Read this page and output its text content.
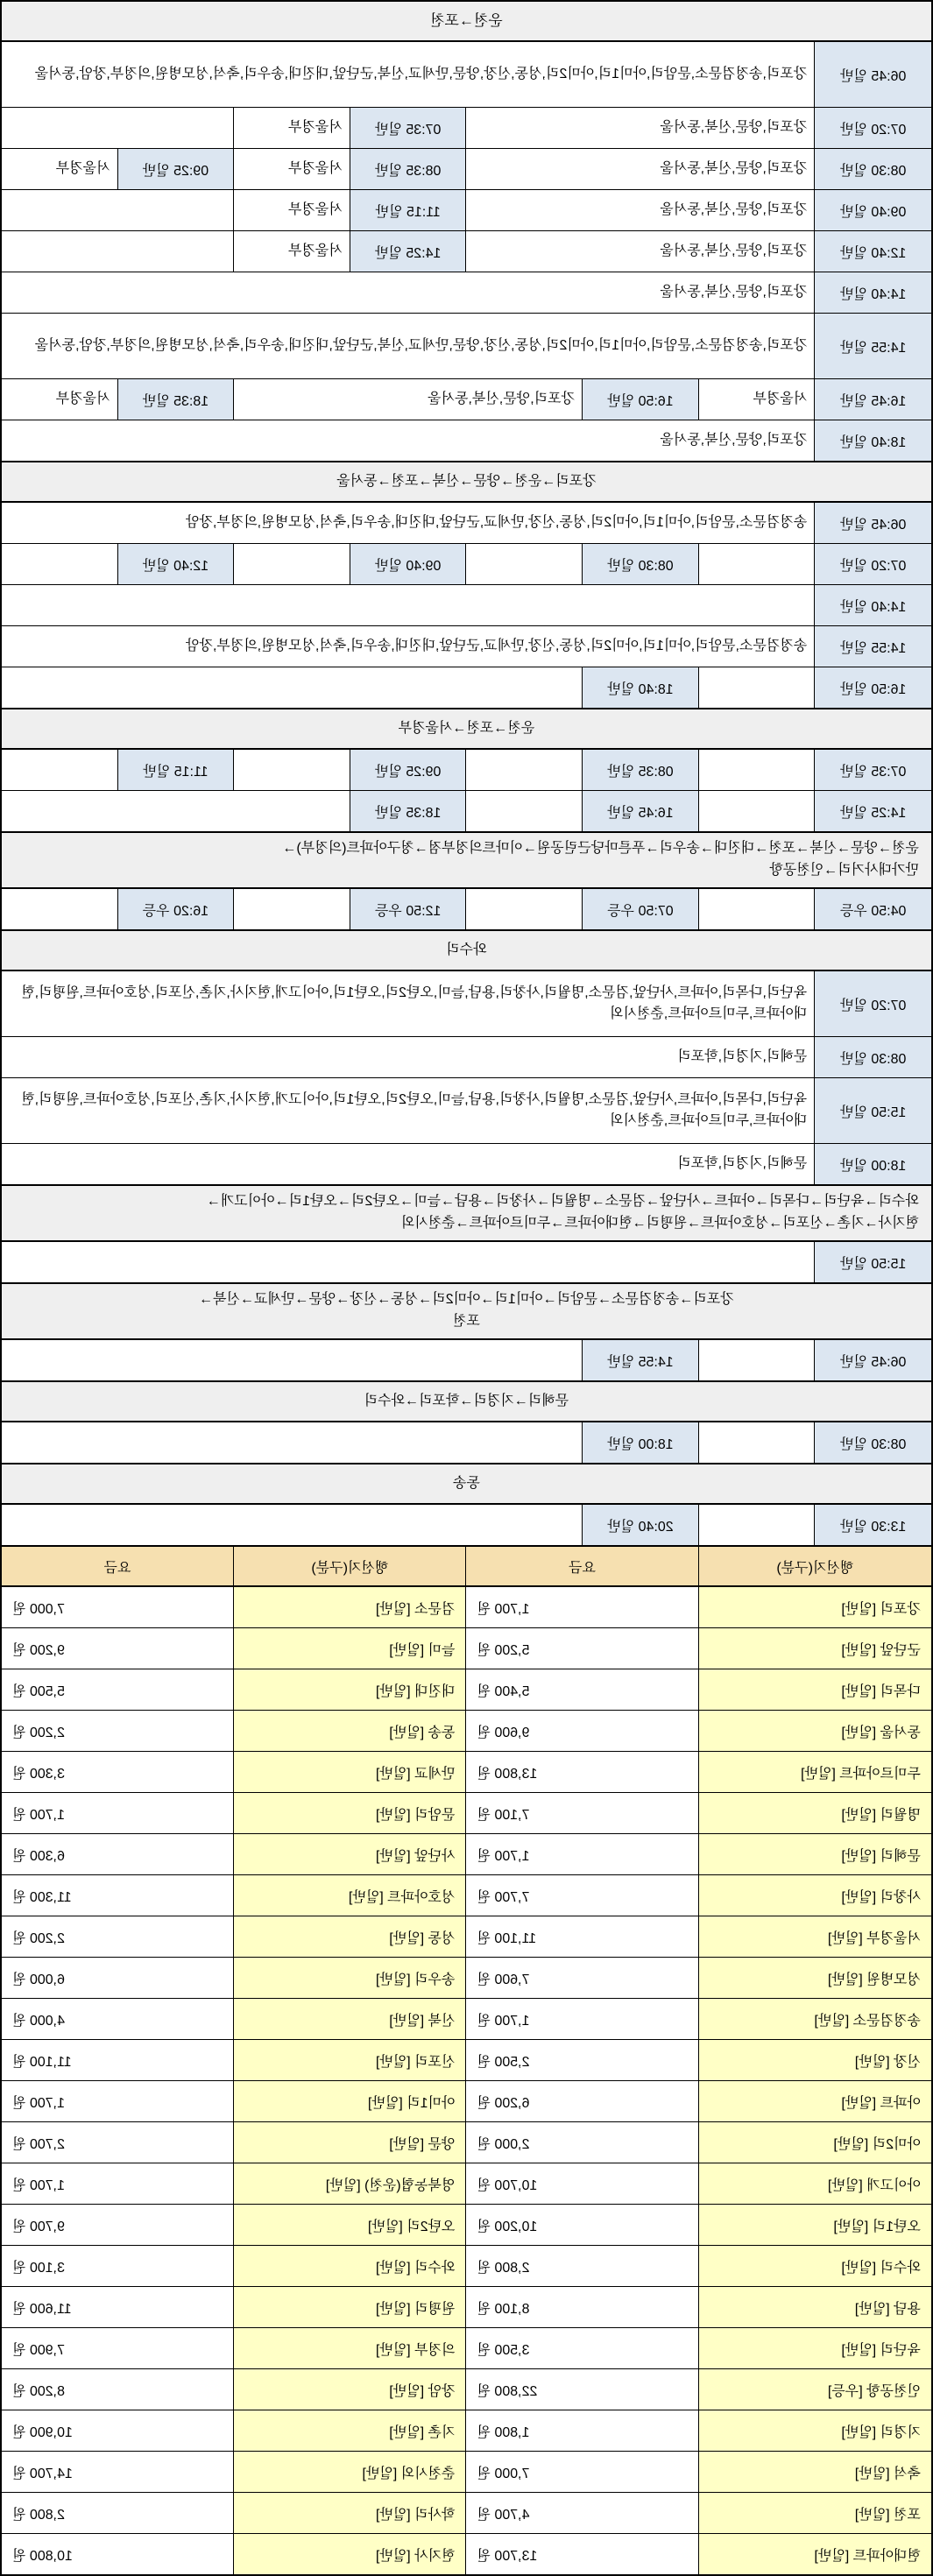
운천→포천
06:45 일반
강포리,송정검문소,문암리,아미1리,아미2리,성동,신장,양문,만세교,신북,군단앞,대진대,송우리,축석,성모병원,의정부,장암,동서울
07:20 일반
강포리,양문,신북,동서울
07:35 일반
서울경부
08:30 일반
강포리,양문,신북,동서울
08:35 일반
서울경부
09:25 일반
서울경부
09:40 일반
강포리,양문,신북,동서울
11:15 일반
서울경부
12:40 일반
강포리,양문,신북,동서울
14:25 일반
서울경부
14:40 일반
강포리,양문,신북,동서울
14:55 일반
강포리,송정검문소,문암리,아미1리,아미2리,성동,신장,양문,만세교,신북,군단앞,대진대,송우리,축석,성모병원,의정부,장암,동서울
16:45 일반
서울경부
16:50 일반
강포리,양문,신북,동서울
18:35 일반
서울경부
18:40 일반
강포리,양문,신북,동서울
강포리→운천→양문→신북→포천→동서울
06:45 일반
송정검문소,문암리,아미1리,아미2리,성동,신장,만세교,군단앞,대진대,송우리,축석,성모병원,의정부,장암
07:20 일반
08:30 일반
09:40 일반
12:40 일반
14:40 일반
14:55 일반
송정검문소,문암리,아미1리,아미2리,성동,신장,만세교,군단앞,대진대,송우리,축석,성모병원,의정부,장암
16:50 일반
18:40 일반
운천→포천→서울경부
07:35 일반
08:35 일반
09:25 일반
11:15 일반
14:25 일반
16:45 일반
18:35 일반
운천→양문→신북→포천→대진대→송우리→푸른마당근린공원→이마트의정부점→청구아파트(의정부)→
만가대사거리→인천공항
04:50 우등
07:50 우등
12:50 우등
16:20 우등
와수리
07:20 일반
육단리,다목리,아파트,사단앞,검문소,명월리,사창리,용담,늘미,오탄2리,오탄1리,아이고개,현지사,지촌,신포리,성호아파트,원평리,현대아파트,두미르아파트,춘천시외
08:30 일반
문혜리,지경리,학포리
15:50 일반
육단리,다목리,아파트,사단앞,검문소,명월리,사창리,용담,늘미,오탄2리,오탄1리,아이고개,현지사,지촌,신포리,성호아파트,원평리,현대아파트,두미르아파트,춘천시외
18:00 일반
문혜리,지경리,학포리
와수리→육단리→다목리→아파트→사단앞→검문소→명월리→사창리→용담→늘미→오탄2리→오탄1리→아이고개→
현지사→지촌→신포리→성호아파트→원평리→현대아파트→두미르아파트→춘천시외
15:50 일반
강포리→송정검문소→문암리→아미1리→아미2리→성동→신장→양문→만세교→신북→
포천
06:45 일반
14:55 일반
문혜리→지경리→학포리→와수리
08:30 일반
18:00 일반
동송
13:30 일반
20:40 일반
행선지(구분)
요금
행선지(구분)
요금
강포리 [일반]
1,700 원
검문소 [일반]
7,000 원
군단앞 [일반]
5,200 원
늘미 [일반]
9,200 원
다목리 [일반]
5,400 원
대진대 [일반]
5,500 원
동서울 [일반]
9,600 원
동송 [일반]
2,200 원
두미르아파트 [일반]
13,800 원
만세교 [일반]
3,300 원
명월리 [일반]
7,100 원
문암리 [일반]
1,700 원
문혜리 [일반]
1,700 원
사단앞 [일반]
6,300 원
사창리 [일반]
7,700 원
성호아파트 [일반]
11,300 원
서울경부 [일반]
11,100 원
성동 [일반]
2,200 원
성모병원 [일반]
7,600 원
송우리 [일반]
6,000 원
송정검문소 [일반]
1,700 원
신북 [일반]
4,000 원
신장 [일반]
2,500 원
신포리 [일반]
11,100 원
아파트 [일반]
6,200 원
아미1리 [일반]
1,700 원
아미2리 [일반]
2,000 원
양문 [일반]
2,700 원
아이고개 [일반]
10,700 원
영북농협(운천) [일반]
1,700 원
오탄1리 [일반]
10,200 원
오탄2리 [일반]
9,700 원
와수리 [일반]
2,800 원
와수리 [일반]
3,100 원
용담 [일반]
8,100 원
원평리 [일반]
11,600 원
육단리 [일반]
3,500 원
의정부 [일반]
7,900 원
인천공항 [우등]
22,800 원
장암 [일반]
8,200 원
지경리 [일반]
1,800 원
지촌 [일반]
10,900 원
축석 [일반]
7,000 원
춘천시외 [일반]
14,700 원
포천 [일반]
4,700 원
학사리 [일반]
2,800 원
현대아파트 [일반]
13,700 원
현지사 [일반]
10,800 원
